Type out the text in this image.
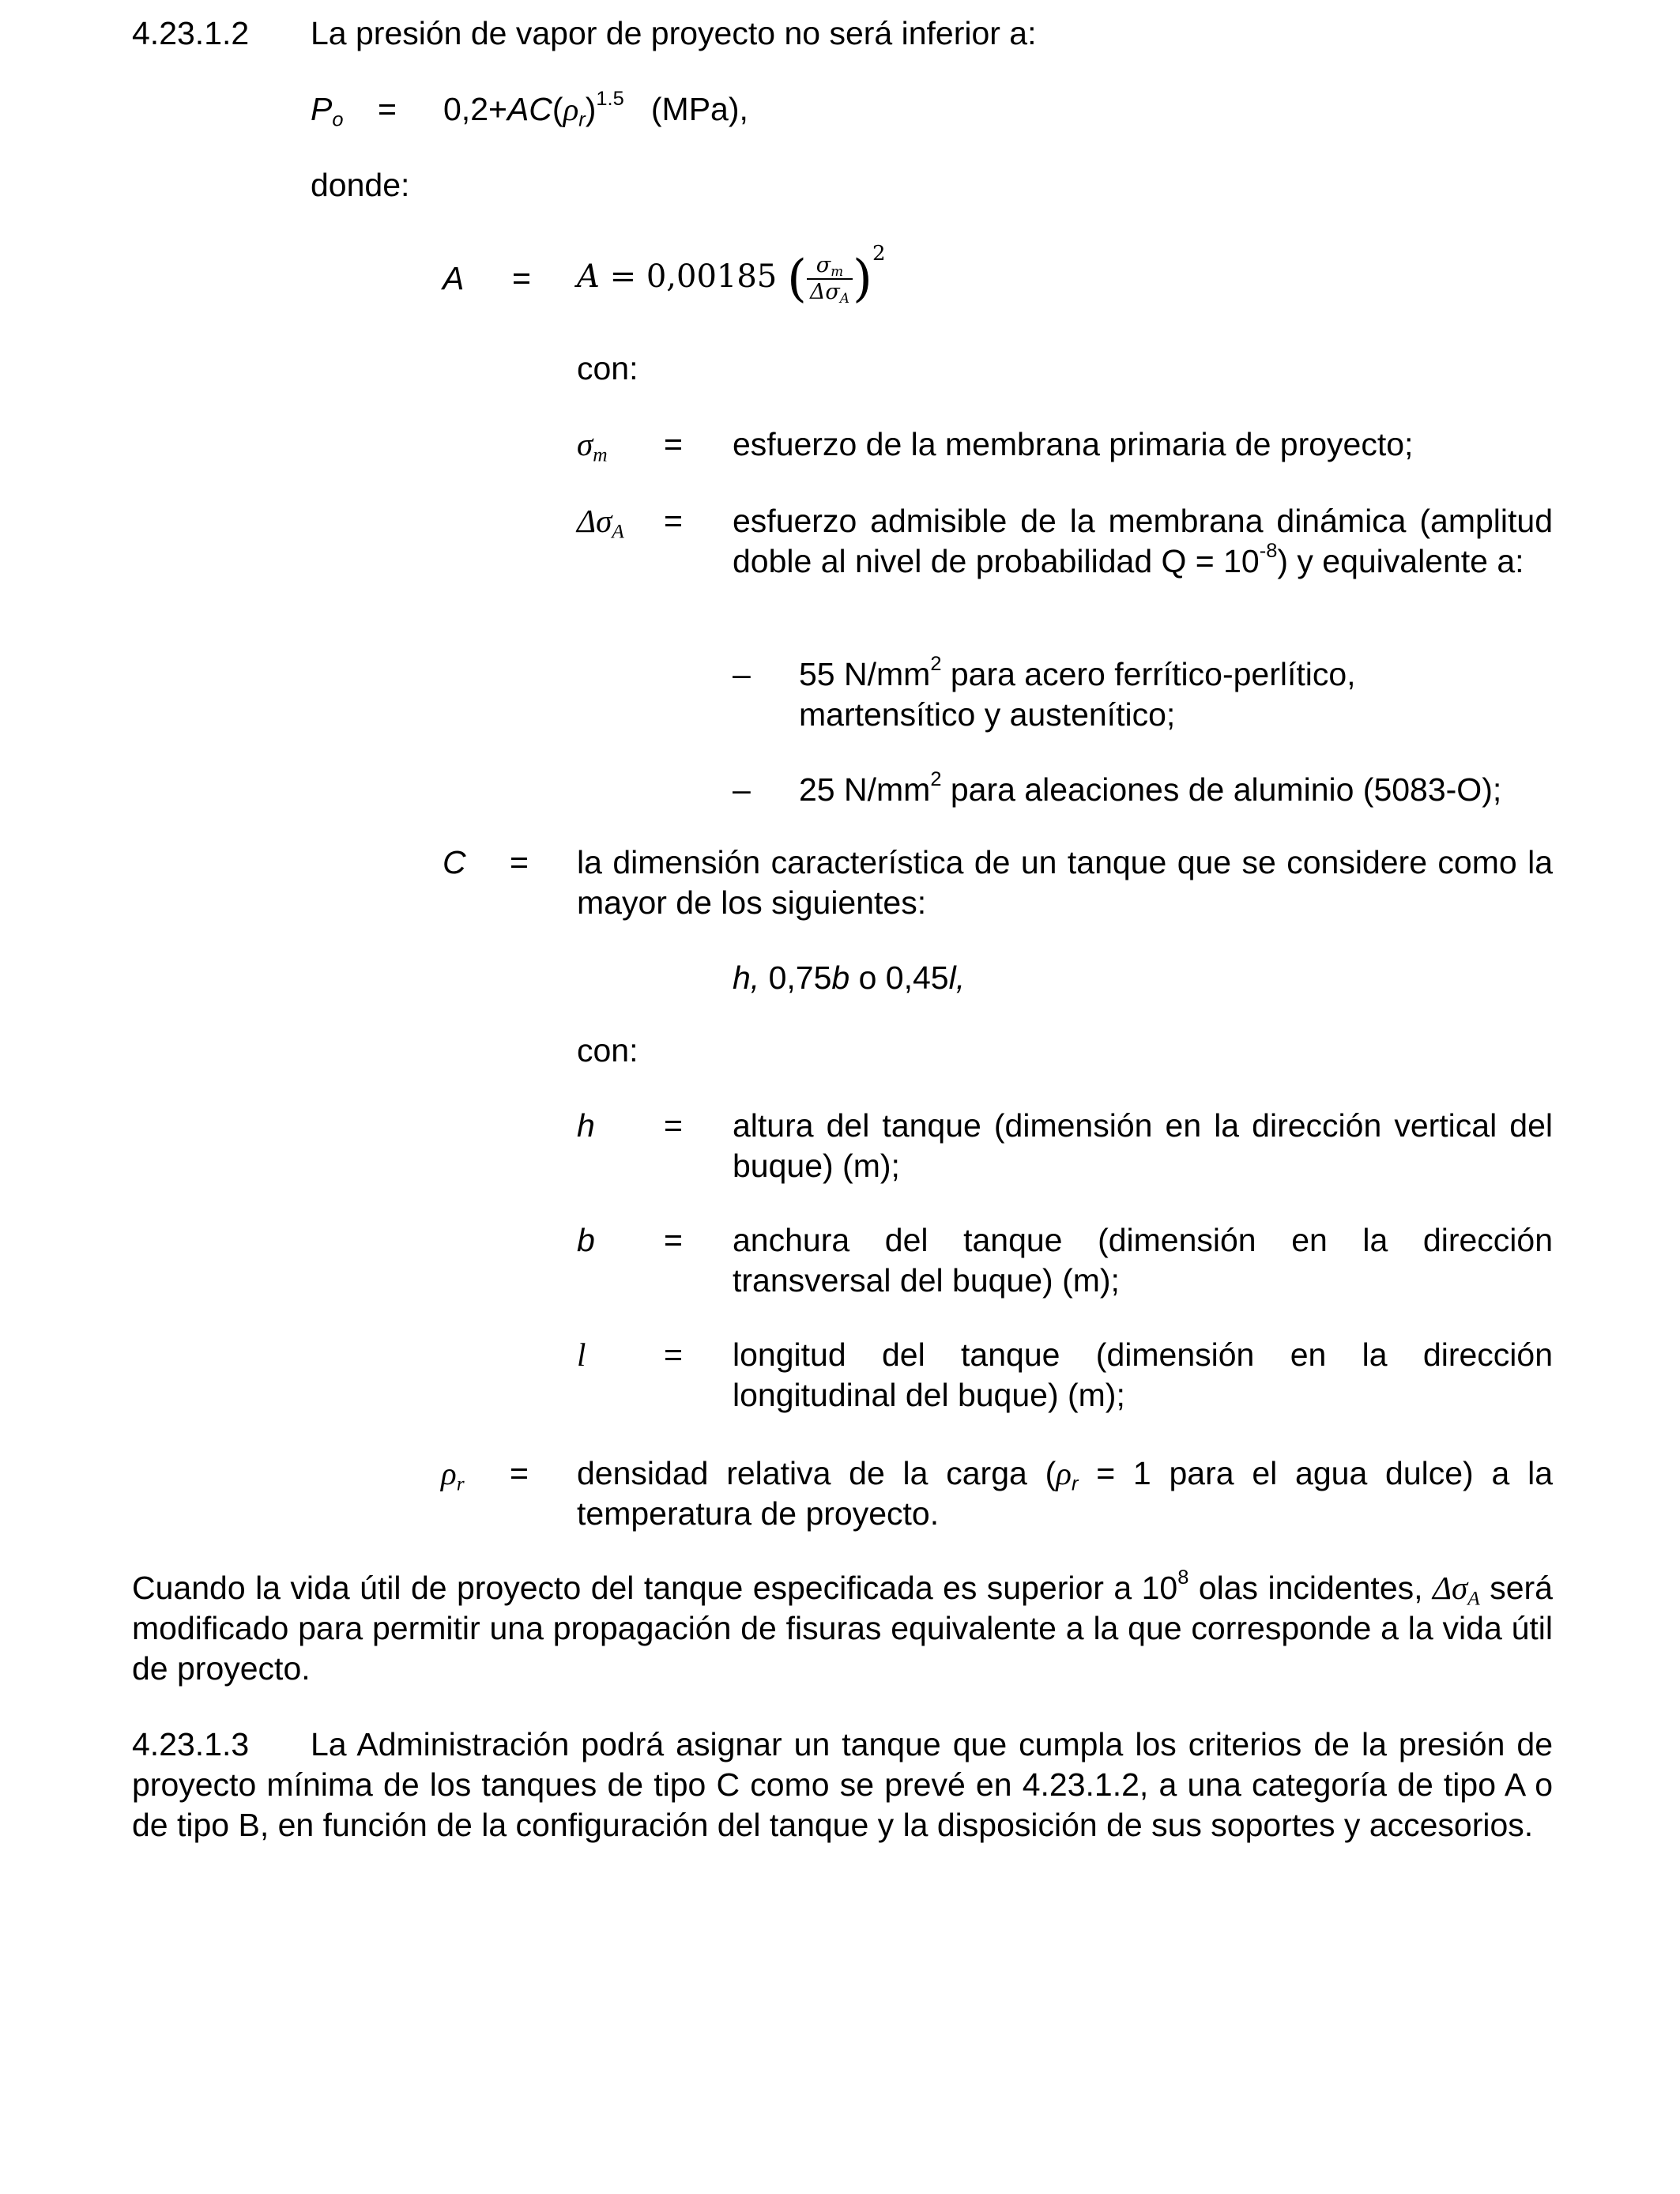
4.23.1.2 La presión de vapor de proyecto no será inferior a:
$P_o = 0,2+AC(\rho_r)^{1.5}$ (MPa),
donde:
A = A = 0,00185 ( $\frac{\sigma_m}{\Delta\sigma_A} )^2$
con:
$\sigma_m$ = esfuerzo de la membrana primaria de proyecto;
$\Delta\sigma_A$ = esfuerzo admisible de la membrana dinámica (amplitud doble al nivel de probabilidad $Q = 10^{-8}$) y equivalente a:
– 55 $N/mm^2$ para acero ferrítico-perlítico, martensítico y austenítico;
– 25 $N/mm^2$ para aleaciones de aluminio (5083-O);
C = la dimensión característica de un tanque que se considere como la mayor de los siguientes:
h, 0,75b o 0,45l,
con:
h = altura del tanque (dimensión en la dirección vertical del buque) (m);
b = anchura del tanque (dimensión en la dirección transversal del buque) (m);
l = longitud del tanque (dimensión en la dirección longitudinal del buque) (m);
$\rho_r$ = densidad relativa de la carga ($\rho_r = 1$ para el agua dulce) a la temperatura de proyecto.
Cuando la vida útil de proyecto del tanque especificada es superior a $10^8$ olas incidentes, $\Delta\sigma_A$ será modificado para permitir una propagación de fisuras equivalente a la que corresponde a la vida útil de proyecto.
4.23.1.3 La Administración podrá asignar un tanque que cumpla los criterios de la presión de proyecto mínima de los tanques de tipo C como se prevé en 4.23.1.2, a una categoría de tipo A o de tipo B, en función de la configuración del tanque y la disposición de sus soportes y accesorios.
